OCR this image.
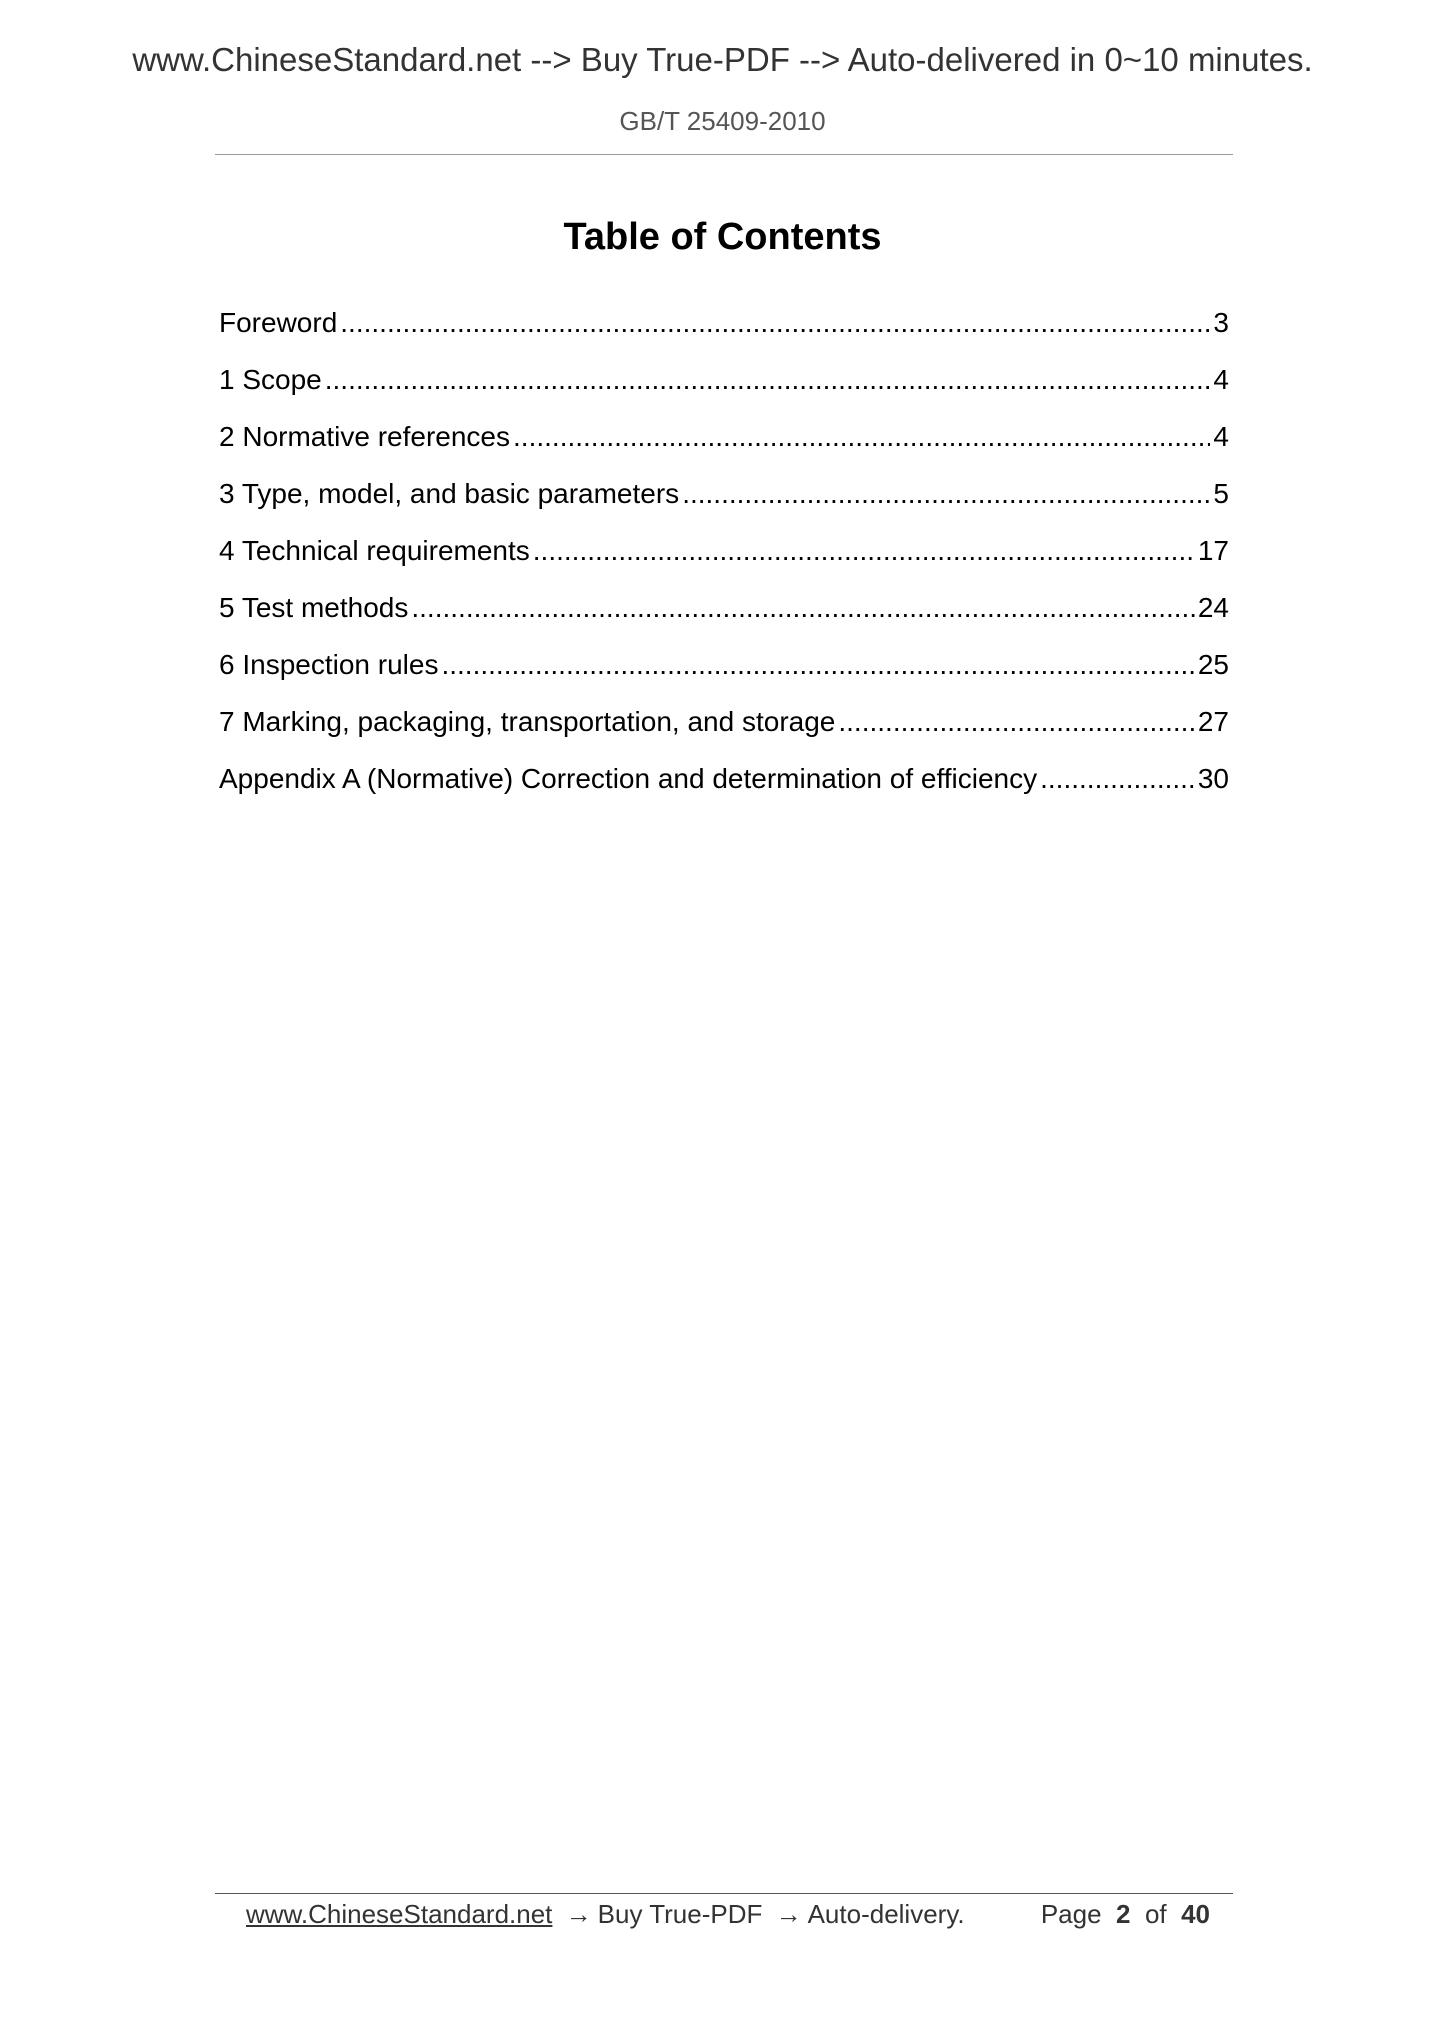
www.ChineseStandard.net --> Buy True-PDF --> Auto-delivered in 0~10 minutes.
GB/T 25409-2010
Table of Contents
Foreword .....	3
1 Scope .....	4
2 Normative references .....	4
3 Type, model, and basic parameters .....	5
4 Technical requirements .....	17
5 Test methods .....	24
6 Inspection rules .....	25
7 Marking, packaging, transportation, and storage .....	27
Appendix A (Normative) Correction and determination of efficiency .....	30
www.ChineseStandard.net → Buy True-PDF → Auto-delivery.	Page 2 of 40
